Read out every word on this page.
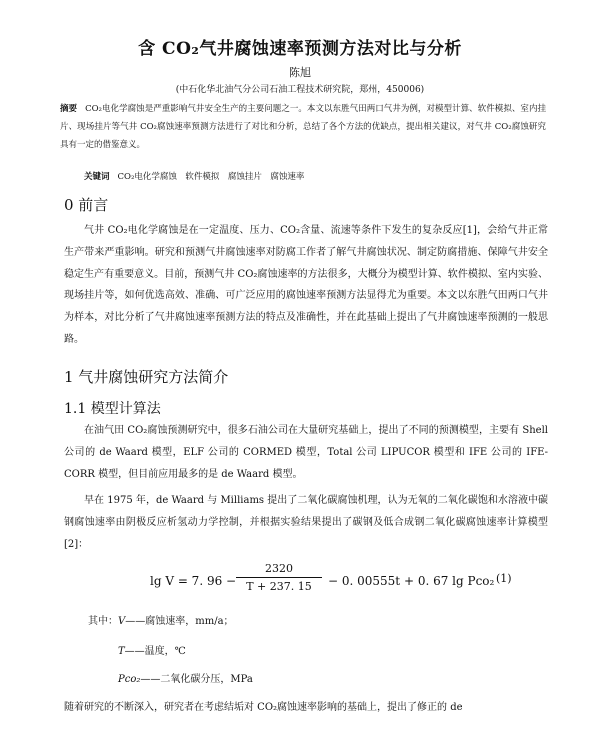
含 CO₂气井腐蚀速率预测方法对比与分析
陈旭
(中石化华北油气分公司石油工程技术研究院，郑州，450006)
摘要 CO₂电化学腐蚀是严重影响气井安全生产的主要问题之一。本文以东胜气田两口气井为例，对模型计算、软件模拟、室内挂片、现场挂片等气井 CO₂腐蚀速率预测方法进行了对比和分析，总结了各个方法的优缺点，提出相关建议，对气井 CO₂腐蚀研究具有一定的借鉴意义。
关键词 CO₂电化学腐蚀　软件模拟　腐蚀挂片　腐蚀速率
0 前言

气井 CO₂电化学腐蚀是在一定温度、压力、CO₂含量、流速等条件下发生的复杂反应[1]，会给气井正常生产带来严重影响。研究和预测气井腐蚀速率对防腐工作者了解气井腐蚀状况、制定防腐措施、保障气井安全稳定生产有重要意义。目前，预测气井 CO₂腐蚀速率的方法很多，大概分为模型计算、软件模拟、室内实验、现场挂片等，如何优选高效、准确、可广泛应用的腐蚀速率预测方法显得尤为重要。本文以东胜气田两口气井为样本，对比分析了气井腐蚀速率预测方法的特点及准确性，并在此基础上提出了气井腐蚀速率预测的一般思路。

1 气井腐蚀研究方法简介
1.1 模型计算法

在油气田 CO₂腐蚀预测研究中，很多石油公司在大量研究基础上，提出了不同的预测模型，主要有 Shell 公司的 de Waard 模型，ELF 公司的 CORMED 模型，Total 公司 LIPUCOR 模型和 IFE 公司的 IFE-CORR 模型，但目前应用最多的是 de Waard 模型。

早在 1975 年，de Waard 与 Milliams 提出了二氧化碳腐蚀机理，认为无氧的二氧化碳饱和水溶液中碳钢腐蚀速率由阴极反应析氢动力学控制，并根据实验结果提出了碳钢及低合成钢二氧化碳腐蚀速率计算模型[2]：

lg V = 7. $96 - \frac{2320}{T + 237. 15} - 0$. 00555t + 0. 67 lg Pco₂ (1)
其中：V——腐蚀速率，mm/a；
T——温度，℃
Pco₂——二氧化碳分压，MPa
随着研究的不断深入，研究者在考虑结垢对 CO₂腐蚀速率影响的基础上，提出了修正的 de
